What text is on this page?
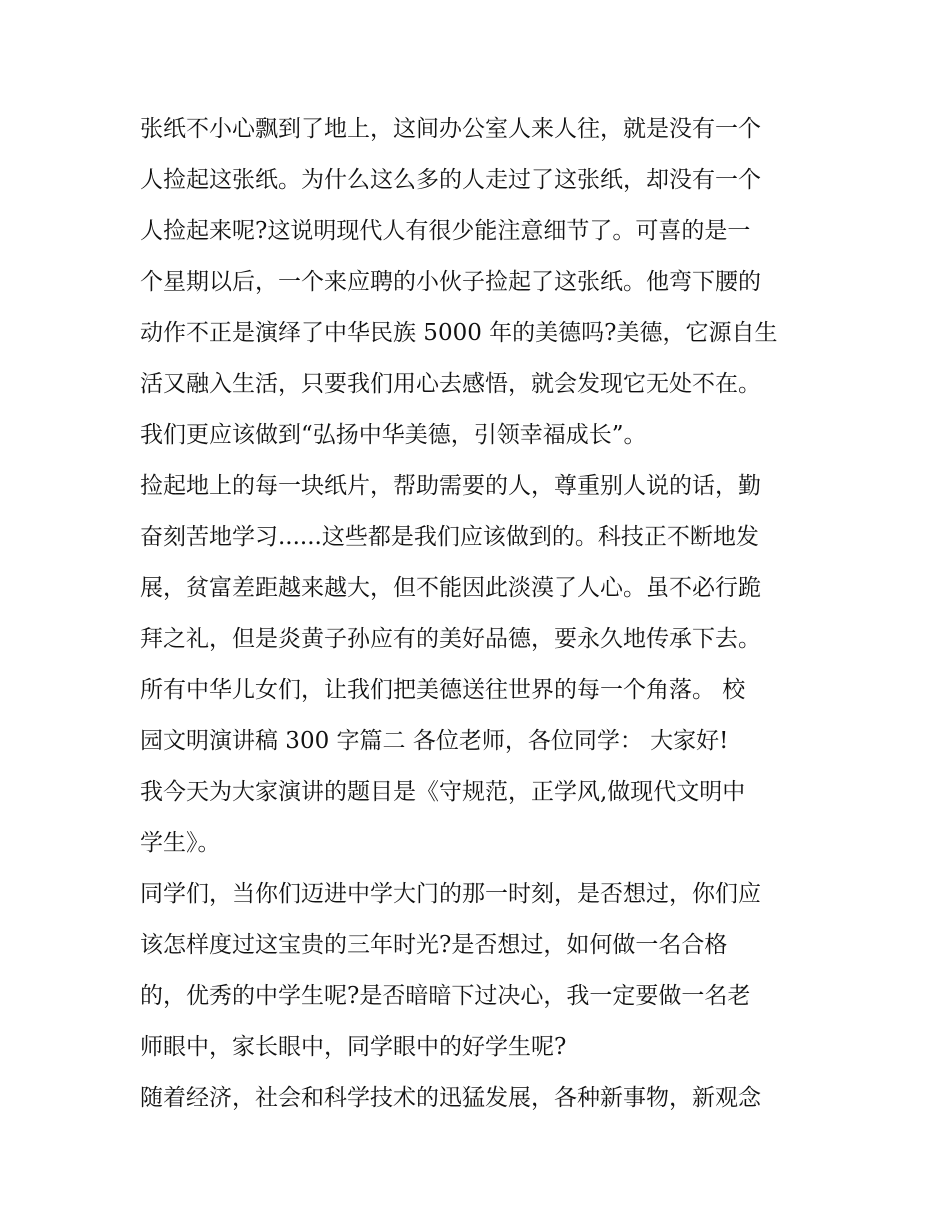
张纸不小心飘到了地上，这间办公室人来人往，就是没有一个
人捡起这张纸。为什么这么多的人走过了这张纸，却没有一个
人捡起来呢?这说明现代人有很少能注意细节了。可喜的是一
个星期以后，一个来应聘的小伙子捡起了这张纸。他弯下腰的
动作不正是演绎了中华民族 5000 年的美德吗?美德，它源自生
活又融入生活，只要我们用心去感悟，就会发现它无处不在。
我们更应该做到“弘扬中华美德，引领幸福成长”。
捡起地上的每一块纸片，帮助需要的人，尊重别人说的话，勤
奋刻苦地学习......这些都是我们应该做到的。科技正不断地发
展，贫富差距越来越大，但不能因此淡漠了人心。虽不必行跪
拜之礼，但是炎黄子孙应有的美好品德，要永久地传承下去。
所有中华儿女们，让我们把美德送往世界的每一个角落。 校
园文明演讲稿 300 字篇二 各位老师，各位同学： 大家好!
我今天为大家演讲的题目是《守规范，正学风,做现代文明中
学生》。
同学们，当你们迈进中学大门的那一时刻，是否想过，你们应
该怎样度过这宝贵的三年时光?是否想过，如何做一名合格
的，优秀的中学生呢?是否暗暗下过决心，我一定要做一名老
师眼中，家长眼中，同学眼中的好学生呢?
随着经济，社会和科学技术的迅猛发展，各种新事物，新观念
